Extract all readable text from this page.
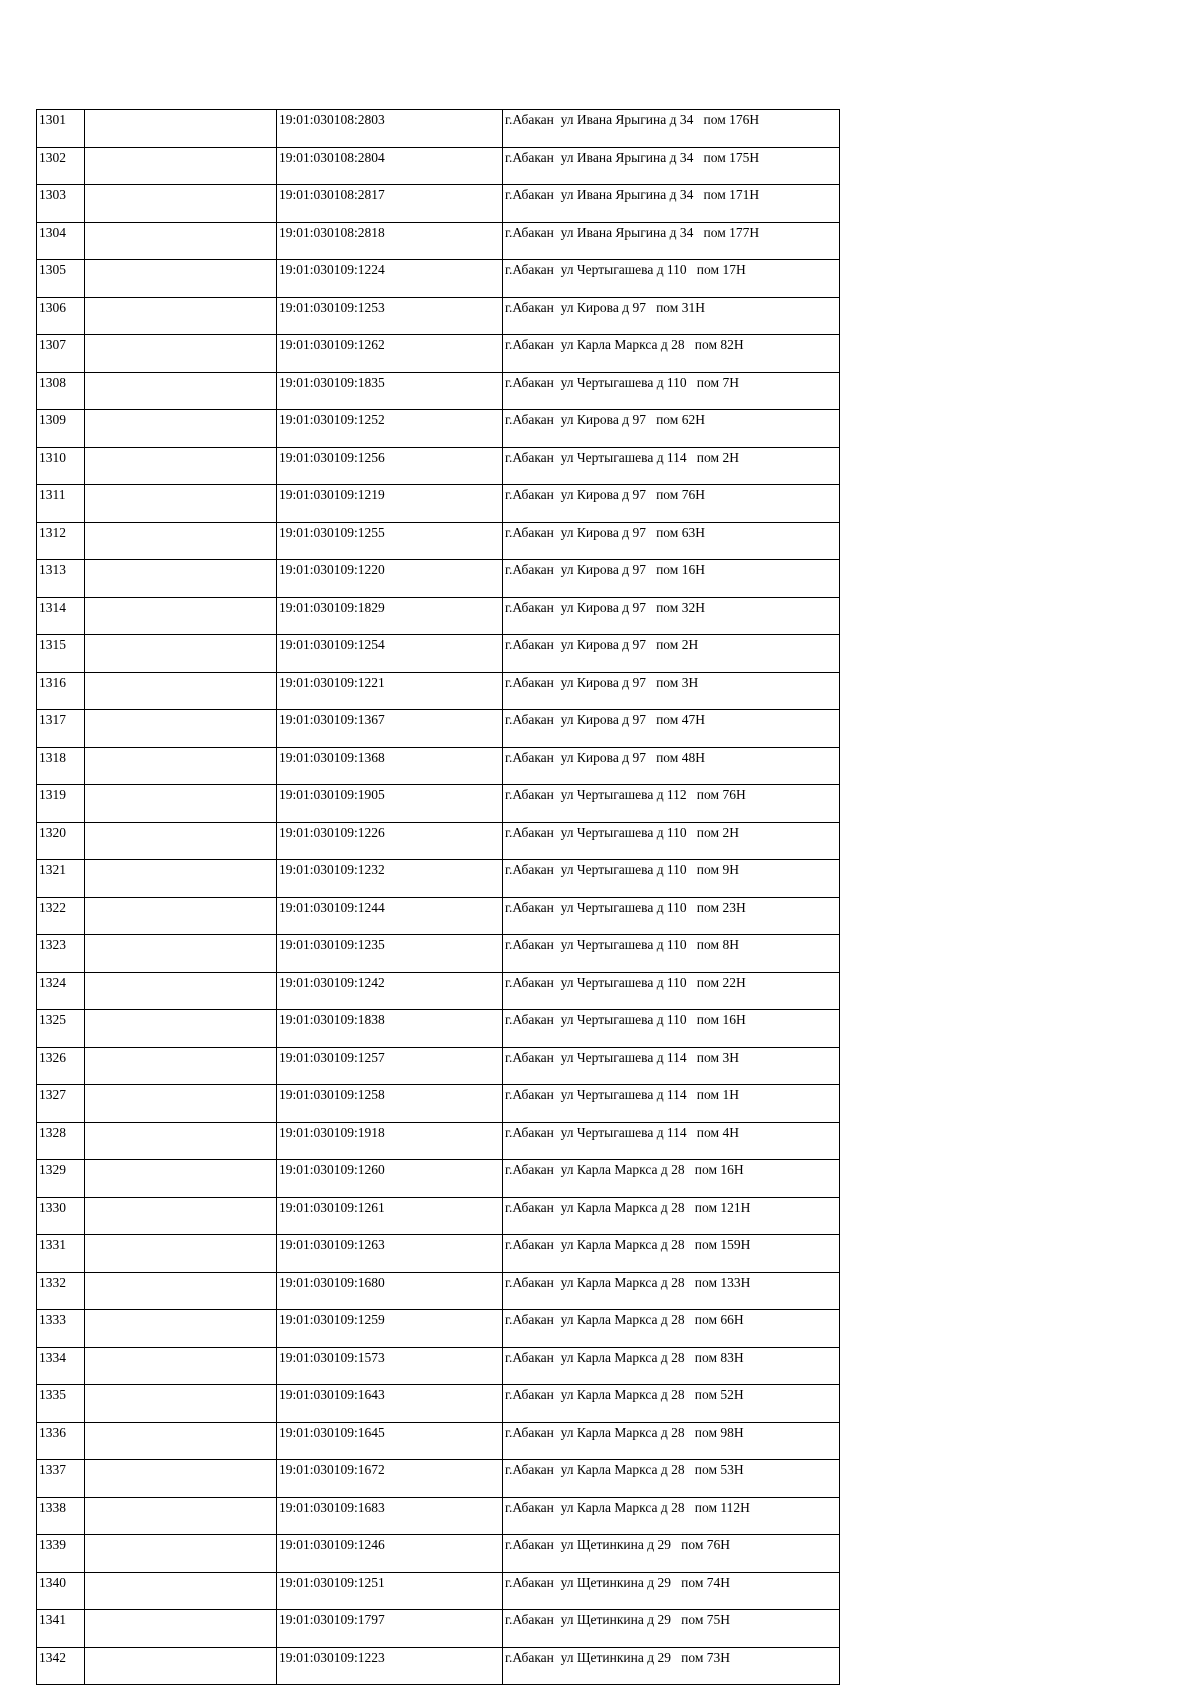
1301		19:01:030108:2803	г.Абакан  ул Ивана Ярыгина д 34   пом 176Н
1302		19:01:030108:2804	г.Абакан  ул Ивана Ярыгина д 34   пом 175Н
1303		19:01:030108:2817	г.Абакан  ул Ивана Ярыгина д 34   пом 171Н
1304		19:01:030108:2818	г.Абакан  ул Ивана Ярыгина д 34   пом 177Н
1305		19:01:030109:1224	г.Абакан  ул Чертыгашева д 110   пом 17Н
1306		19:01:030109:1253	г.Абакан  ул Кирова д 97   пом 31Н
1307		19:01:030109:1262	г.Абакан  ул Карла Маркса д 28   пом 82Н
1308		19:01:030109:1835	г.Абакан  ул Чертыгашева д 110   пом 7Н
1309		19:01:030109:1252	г.Абакан  ул Кирова д 97   пом 62Н
1310		19:01:030109:1256	г.Абакан  ул Чертыгашева д 114   пом 2Н
1311		19:01:030109:1219	г.Абакан  ул Кирова д 97   пом 76Н
1312		19:01:030109:1255	г.Абакан  ул Кирова д 97   пом 63Н
1313		19:01:030109:1220	г.Абакан  ул Кирова д 97   пом 16Н
1314		19:01:030109:1829	г.Абакан  ул Кирова д 97   пом 32Н
1315		19:01:030109:1254	г.Абакан  ул Кирова д 97   пом 2Н
1316		19:01:030109:1221	г.Абакан  ул Кирова д 97   пом 3Н
1317		19:01:030109:1367	г.Абакан  ул Кирова д 97   пом 47Н
1318		19:01:030109:1368	г.Абакан  ул Кирова д 97   пом 48Н
1319		19:01:030109:1905	г.Абакан  ул Чертыгашева д 112   пом 76Н
1320		19:01:030109:1226	г.Абакан  ул Чертыгашева д 110   пом 2Н
1321		19:01:030109:1232	г.Абакан  ул Чертыгашева д 110   пом 9Н
1322		19:01:030109:1244	г.Абакан  ул Чертыгашева д 110   пом 23Н
1323		19:01:030109:1235	г.Абакан  ул Чертыгашева д 110   пом 8Н
1324		19:01:030109:1242	г.Абакан  ул Чертыгашева д 110   пом 22Н
1325		19:01:030109:1838	г.Абакан  ул Чертыгашева д 110   пом 16Н
1326		19:01:030109:1257	г.Абакан  ул Чертыгашева д 114   пом 3Н
1327		19:01:030109:1258	г.Абакан  ул Чертыгашева д 114   пом 1Н
1328		19:01:030109:1918	г.Абакан  ул Чертыгашева д 114   пом 4Н
1329		19:01:030109:1260	г.Абакан  ул Карла Маркса д 28   пом 16Н
1330		19:01:030109:1261	г.Абакан  ул Карла Маркса д 28   пом 121Н
1331		19:01:030109:1263	г.Абакан  ул Карла Маркса д 28   пом 159Н
1332		19:01:030109:1680	г.Абакан  ул Карла Маркса д 28   пом 133Н
1333		19:01:030109:1259	г.Абакан  ул Карла Маркса д 28   пом 66Н
1334		19:01:030109:1573	г.Абакан  ул Карла Маркса д 28   пом 83Н
1335		19:01:030109:1643	г.Абакан  ул Карла Маркса д 28   пом 52Н
1336		19:01:030109:1645	г.Абакан  ул Карла Маркса д 28   пом 98Н
1337		19:01:030109:1672	г.Абакан  ул Карла Маркса д 28   пом 53Н
1338		19:01:030109:1683	г.Абакан  ул Карла Маркса д 28   пом 112Н
1339		19:01:030109:1246	г.Абакан  ул Щетинкина д 29   пом 76Н
1340		19:01:030109:1251	г.Абакан  ул Щетинкина д 29   пом 74Н
1341		19:01:030109:1797	г.Абакан  ул Щетинкина д 29   пом 75Н
1342		19:01:030109:1223	г.Абакан  ул Щетинкина д 29   пом 73Н
